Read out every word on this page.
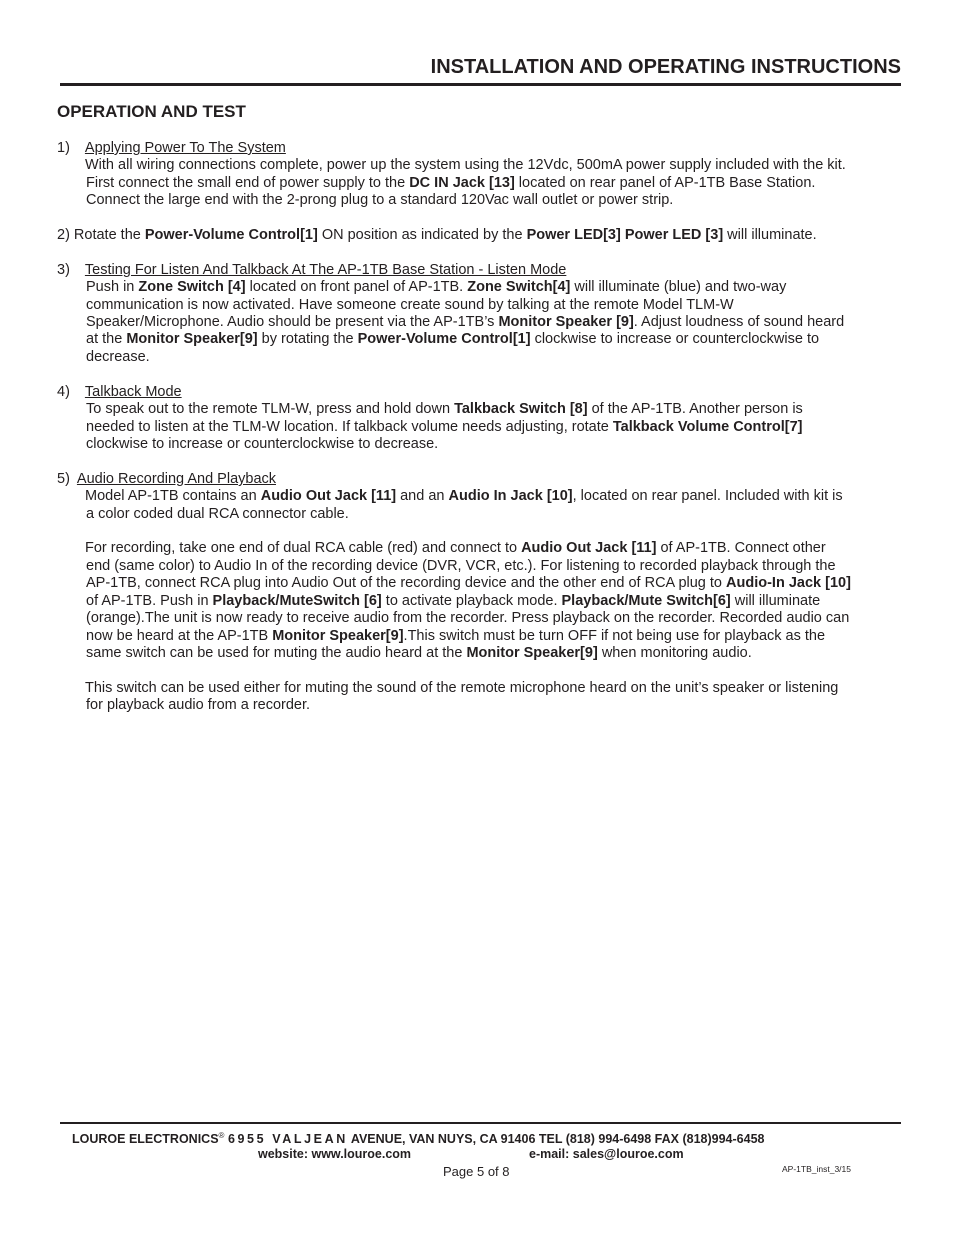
INSTALLATION AND OPERATING INSTRUCTIONS
OPERATION AND TEST
1) Applying Power To The System
With all wiring connections complete, power up the system using the 12Vdc, 500mA power supply included with the kit.
First connect the small end of power supply to the DC IN Jack [13] located on rear panel of AP-1TB Base Station.
Connect the large end with the 2-prong plug to a standard 120Vac wall outlet or power strip.
2) Rotate the Power-Volume Control[1] ON position as indicated by the Power LED[3] Power LED [3] will illuminate.
3) Testing For Listen And Talkback At The AP-1TB Base Station - Listen Mode
Push in Zone Switch [4] located on front panel of AP-1TB. Zone Switch[4] will illuminate (blue) and two-way
communication is now activated. Have someone create sound by talking at the remote Model TLM-W
Speaker/Microphone. Audio should be present via the AP-1TB’s Monitor Speaker [9]. Adjust loudness of sound heard
at the Monitor Speaker[9] by rotating the Power-Volume Control[1] clockwise to increase or counterclockwise to
decrease.
4) Talkback Mode
To speak out to the remote TLM-W, press and hold down Talkback Switch [8] of the AP-1TB. Another person is
needed to listen at the TLM-W location. If talkback volume needs adjusting, rotate Talkback Volume Control[7]
clockwise to increase or counterclockwise to decrease.
5) Audio Recording And Playback
Model AP-1TB contains an Audio Out Jack [11] and an Audio In Jack [10], located on rear panel. Included with kit is
a color coded dual RCA connector cable.
For recording, take one end of dual RCA cable (red) and connect to Audio Out Jack [11] of AP-1TB. Connect other
end (same color) to Audio In of the recording device (DVR, VCR, etc.). For listening to recorded playback through the
AP-1TB, connect RCA plug into Audio Out of the recording device and the other end of RCA plug to Audio-In Jack [10]
of AP-1TB. Push in Playback/MuteSwitch [6] to activate playback mode. Playback/Mute Switch[6] will illuminate
(orange).The unit is now ready to receive audio from the recorder. Press playback on the recorder. Recorded audio can
now be heard at the AP-1TB Monitor Speaker[9].This switch must be turn OFF if not being use for playback as the
same switch can be used for muting the audio heard at the Monitor Speaker[9] when monitoring audio.
This switch can be used either for muting the sound of the remote microphone heard on the unit’s speaker or listening
for playback audio from a recorder.
LOUROE ELECTRONICS® 6955 VALJEAN AVENUE, VAN NUYS, CA 91406 TEL (818) 994-6498 FAX (818)994-6458
website: www.louroe.com	e-mail: sales@louroe.com
Page 5 of 8	AP-1TB_inst_3/15
